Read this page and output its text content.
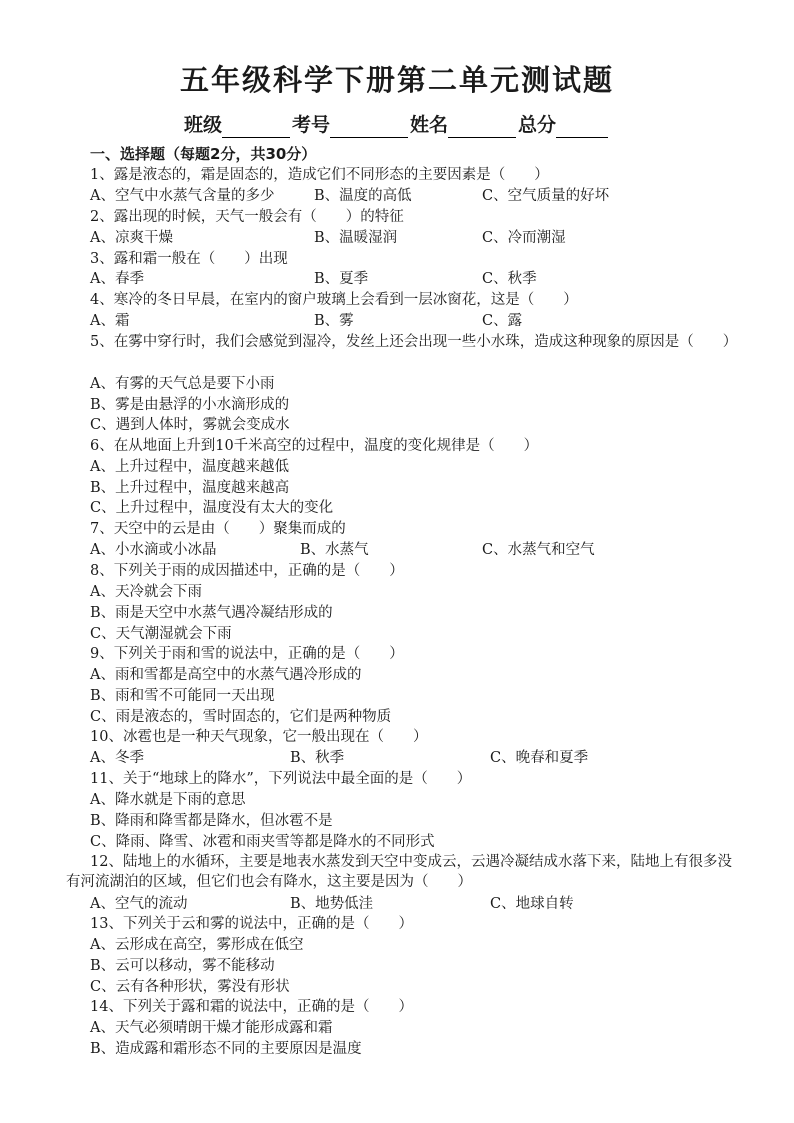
五年级科学下册第二单元测试题
班级	考号	姓名	总分
一、选择题（每题2分，共30分）
1、露是液态的，霜是固态的，造成它们不同形态的主要因素是（　　）
A、空气中水蒸气含量的多少	B、温度的高低	C、空气质量的好坏
2、露出现的时候，天气一般会有（　　）的特征
A、凉爽干燥	B、温暖湿润	C、冷而潮湿
3、露和霜一般在（　　）出现
A、春季	B、夏季	C、秋季
4、寒冷的冬日早晨，在室内的窗户玻璃上会看到一层冰窗花，这是（　　）
A、霜	B、雾	C、露
5、在雾中穿行时，我们会感觉到湿冷，发丝上还会出现一些小水珠，造成这种现象的原因是（　　）
A、有雾的天气总是要下小雨
B、雾是由悬浮的小水滴形成的
C、遇到人体时，雾就会变成水
6、在从地面上升到10千米高空的过程中，温度的变化规律是（　　）
A、上升过程中，温度越来越低
B、上升过程中，温度越来越高
C、上升过程中，温度没有太大的变化
7、天空中的云是由（　　）聚集而成的
A、小水滴或小冰晶	B、水蒸气	C、水蒸气和空气
8、下列关于雨的成因描述中，正确的是（　　）
A、天冷就会下雨
B、雨是天空中水蒸气遇冷凝结形成的
C、天气潮湿就会下雨
9、下列关于雨和雪的说法中，正确的是（　　）
A、雨和雪都是高空中的水蒸气遇冷形成的
B、雨和雪不可能同一天出现
C、雨是液态的，雪时固态的，它们是两种物质
10、冰雹也是一种天气现象，它一般出现在（　　）
A、冬季	B、秋季	C、晚春和夏季
11、关于“地球上的降水”，下列说法中最全面的是（　　）
A、降水就是下雨的意思
B、降雨和降雪都是降水，但冰雹不是
C、降雨、降雪、冰雹和雨夹雪等都是降水的不同形式
12、陆地上的水循环，主要是地表水蒸发到天空中变成云，云遇冷凝结成水落下来，陆地上有很多没有河流湖泊的区域，但它们也会有降水，这主要是因为（　　）
A、空气的流动	B、地势低洼	C、地球自转
13、下列关于云和雾的说法中，正确的是（　　）
A、云形成在高空，雾形成在低空
B、云可以移动，雾不能移动
C、云有各种形状，雾没有形状
14、下列关于露和霜的说法中，正确的是（　　）
A、天气必须晴朗干燥才能形成露和霜
B、造成露和霜形态不同的主要原因是温度
